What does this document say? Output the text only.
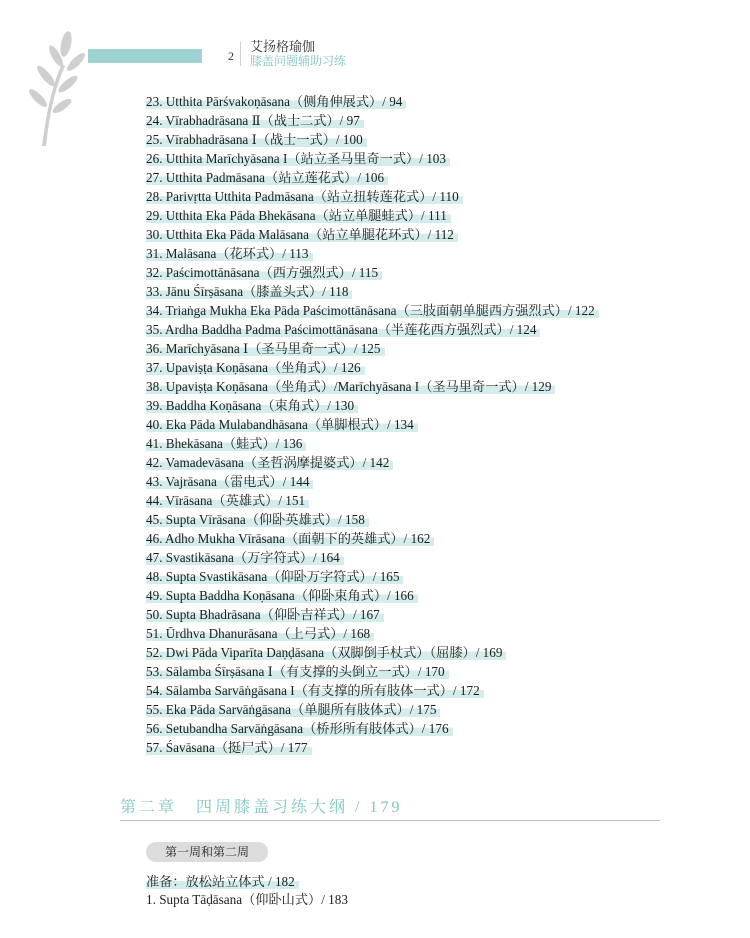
2
艾扬格瑜伽
膝盖问题辅助习练
23. Utthita Pārśvakoṇāsana（侧角伸展式）/ 94
24. Vīrabhadrāsana Ⅱ（战士二式）/ 97
25. Vīrabhadrāsana Ⅰ（战士一式）/ 100
26. Utthita Marīchyāsana I（站立圣马里奇一式）/ 103
27. Utthita Padmāsana（站立莲花式）/ 106
28. Parivṛtta Utthita Padmāsana（站立扭转莲花式）/ 110
29. Utthita Eka Pāda Bhekāsana（站立单腿蛙式）/ 111
30. Utthita Eka Pāda Malāsana（站立单腿花环式）/ 112
31. Malāsana（花环式）/ 113
32. Paścimottānāsana（西方强烈式）/ 115
33. Jānu Śīrṣāsana（膝盖头式）/ 118
34. Triaṅga Mukha Eka Pāda Paścimottānāsana（三肢面朝单腿西方强烈式）/ 122
35. Ardha Baddha Padma Paścimottānāsana（半莲花西方强烈式）/ 124
36. Marīchyāsana Ⅰ（圣马里奇一式）/ 125
37. Upaviṣṭa Koṇāsana（坐角式）/ 126
38. Upaviṣṭa Koṇāsana（坐角式）/Marīchyāsana I（圣马里奇一式）/ 129
39. Baddha Koṇāsana（束角式）/ 130
40. Eka Pāda Mulabandhāsana（单脚根式）/ 134
41. Bhekāsana（蛙式）/ 136
42. Vamadevāsana（圣哲涡摩提婆式）/ 142
43. Vajrāsana（雷电式）/ 144
44. Vīrāsana（英雄式）/ 151
45. Supta Vīrāsana（仰卧英雄式）/ 158
46. Adho Mukha Vīrāsana（面朝下的英雄式）/ 162
47. Svastikāsana（万字符式）/ 164
48. Supta Svastikāsana（仰卧万字符式）/ 165
49. Supta Baddha Koṇāsana（仰卧束角式）/ 166
50. Supta Bhadrāsana（仰卧吉祥式）/ 167
51. Ūrdhva Dhanurāsana（上弓式）/ 168
52. Dwi Pāda Viparīta Daṇḍāsana（双脚倒手杖式）（屈膝）/ 169
53. Sālamba Śīrṣāsana Ⅰ（有支撑的头倒立一式）/ 170
54. Sālamba Sarvāṅgāsana I（有支撑的所有肢体一式）/ 172
55. Eka Pāda Sarvāṅgāsana（单腿所有肢体式）/ 175
56. Setubandha Sarvāṅgāsana（桥形所有肢体式）/ 176
57. Śavāsana（挺尸式）/ 177
第二章　四周膝盖习练大纲 / 179
第一周和第二周
准备：放松站立体式 / 182
1. Supta Tāḍāsana（仰卧山式）/ 183
